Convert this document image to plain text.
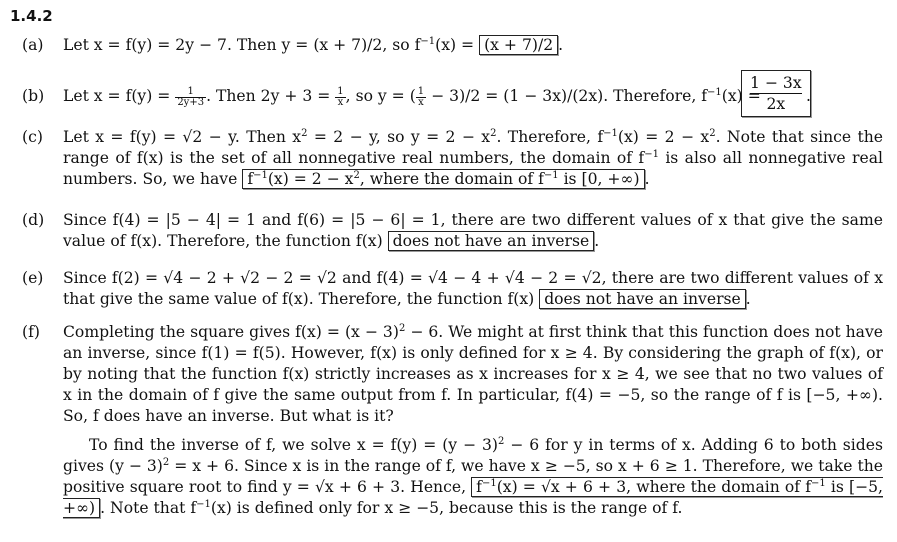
1.4.2
(a) Let x = f(y) = 2y − 7. Then y = (x + 7)/2, so $f^{-1}(x) = (x + 7)/2$ .
(b) Let $x = f(y) = \frac{1}{2y+3}$ . Then $2y + 3 = \frac{1}{x}$ , so y = ( $\frac{1}{x} - 3)/2 = (1 - 3x)/(2x)$. Therefore, $f^{-1}(x)$ =
$\frac{1 - 3x}{2x}$
.
(c) Let x = f(y) = √2 − y. Then $x^2 = 2 - y$, so $y = 2 - x^2$. Therefore, $f^{-1}(x) = 2 - x^2$. Note that since the range of f(x) is the set of all nonnegative real numbers, the domain of $f^{-1}$ is also all nonnegative real numbers. So, we have $f^{-1}(x) = 2 - x^2$, where the domain of $f^{-1}$ is [0, +∞) .
(d) Since f(4) = |5 − 4| = 1 and f(6) = |5 − 6| = 1, there are two different values of x that give the same value of f(x). Therefore, the function f(x) does not have an inverse .
(e) Since f(2) = √4 − 2 + √2 − 2 = √2 and f(4) = √4 − 4 + √4 − 2 = √2, there are two different values of x that give the same value of f(x). Therefore, the function f(x) does not have an inverse .
(f) Completing the square gives $f(x) = (x - 3)^2 - 6$. We might at first think that this function does not have an inverse, since f(1) = f(5). However, f(x) is only defined for x ≥ 4. By considering the graph of f(x), or by noting that the function f(x) strictly increases as x increases for x ≥ 4, we see that no two values of x in the domain of f give the same output from f. In particular, f(4) = −5, so the range of f is [−5, +∞). So, f does have an inverse. But what is it?
To find the inverse of f, we solve $x = f(y) = (y - 3)^2 - 6$ for y in terms of x. Adding 6 to both sides gives $(y - 3)^2 = x + 6$. Since x is in the range of f, we have x ≥ −5, so x + 6 ≥ 1. Therefore, we take the positive square root to find y = √x + 6 + 3. Hence, $f^{-1}(x) = √x + 6 + 3$, where the domain of $f^{-1}$ is [−5, +∞) . Note that $f^{-1}(x)$ is defined only for x ≥ −5, because this is the range of f.
